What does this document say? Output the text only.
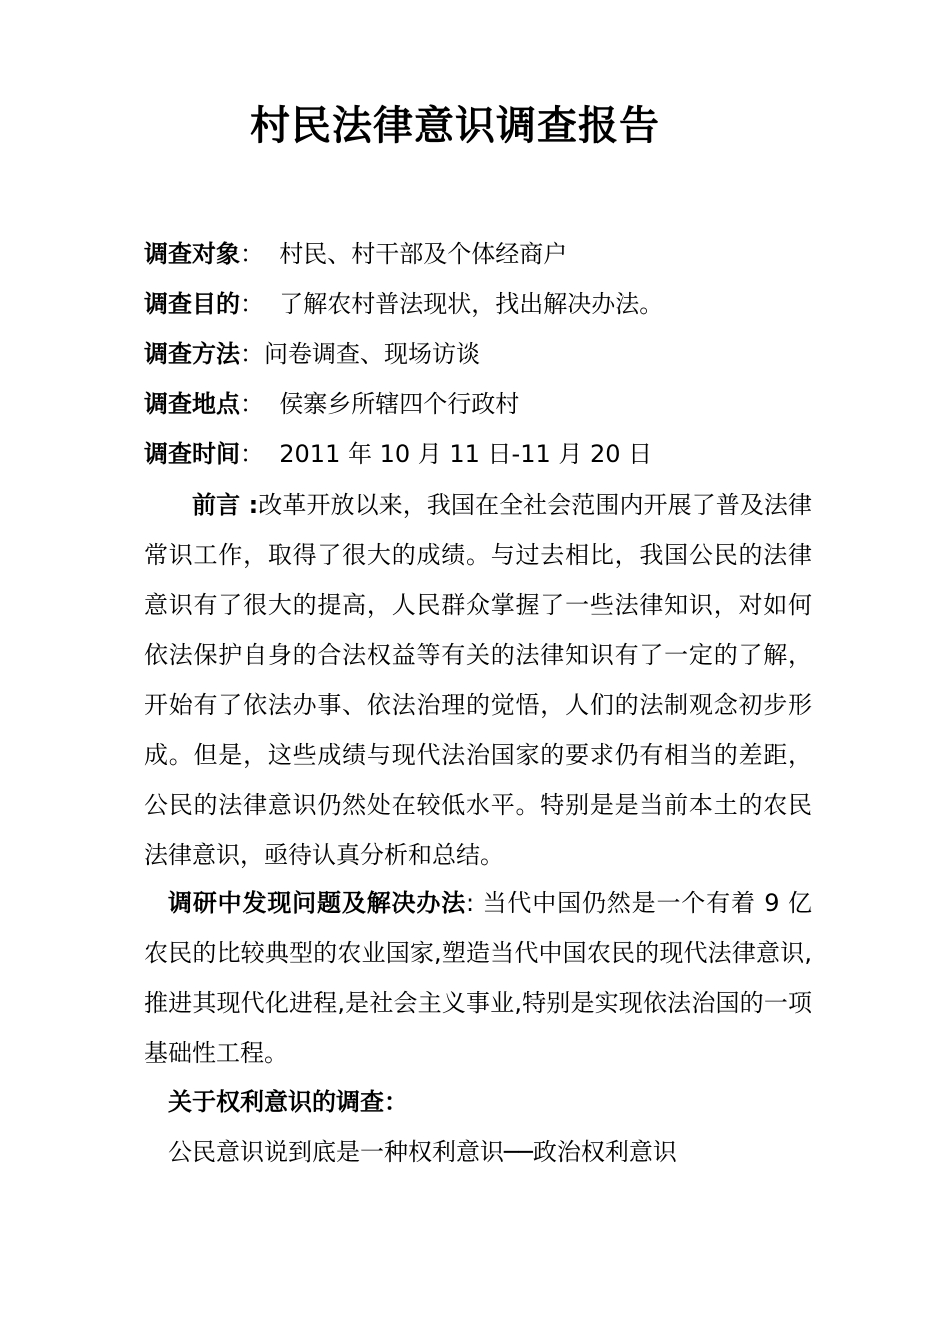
村民法律意识调查报告
调查对象：  村民、村干部及个体经商户
调查目的：  了解农村普法现状，找出解决办法。
调查方法：问卷调查、现场访谈
调查地点：  侯寨乡所辖四个行政村
调查时间：  2011 年 10 月 11 日-11 月 20 日
前言 :改革开放以来，我国在全社会范围内开展了普及法律常识工作，取得了很大的成绩。与过去相比，我国公民的法律意识有了很大的提高，人民群众掌握了一些法律知识，对如何依法保护自身的合法权益等有关的法律知识有了一定的了解，开始有了依法办事、依法治理的觉悟，人们的法制观念初步形成。但是，这些成绩与现代法治国家的要求仍有相当的差距，公民的法律意识仍然处在较低水平。特别是是当前本土的农民法律意识，亟待认真分析和总结。
调研中发现问题及解决办法: 当代中国仍然是一个有着 9 亿农民的比较典型的农业国家,塑造当代中国农民的现代法律意识,推进其现代化进程,是社会主义事业,特别是实现依法治国的一项基础性工程。
关于权利意识的调查：
公民意识说到底是一种权利意识──政治权利意识
